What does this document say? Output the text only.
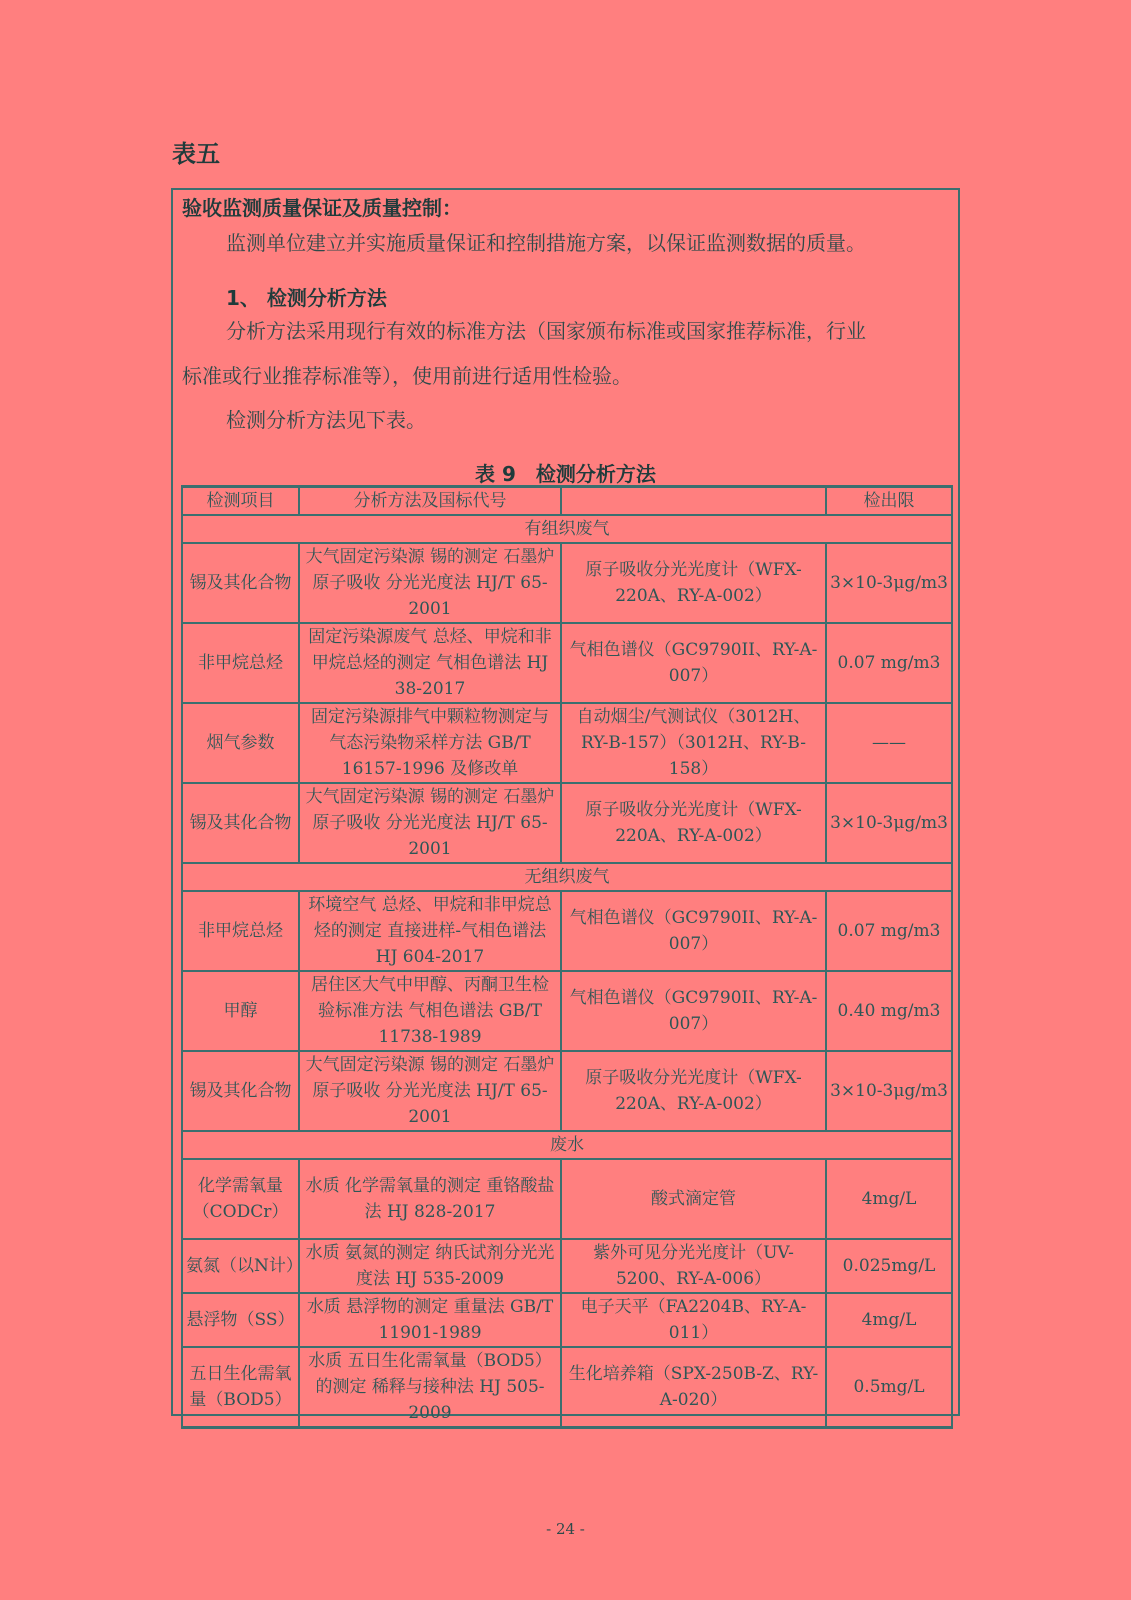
表五
验收监测质量保证及质量控制：
监测单位建立并实施质量保证和控制措施方案，以保证监测数据的质量。
1、 检测分析方法
分析方法采用现行有效的标准方法（国家颁布标准或国家推荐标准，行业
标准或行业推荐标准等），使用前进行适用性检验。
检测分析方法见下表。
表 9　检测分析方法
检测项目	分析方法及国标代号		检出限
有组织废气			
锡及其化合物	大气固定污染源 锡的测定 石墨炉原子吸收 分光光度法 HJ/T 65-2001	原子吸收分光光度计（WFX-220A、RY-A-002）	3×10-3μg/m3
非甲烷总烃	固定污染源废气 总烃、甲烷和非甲烷总烃的测定 气相色谱法 HJ 38-2017	气相色谱仪（GC9790II、RY-A-007）	0.07 mg/m3
烟气参数	固定污染源排气中颗粒物测定与气态污染物采样方法 GB/T 16157-1996 及修改单	自动烟尘/气测试仪（3012H、RY-B-157）（3012H、RY-B-158）	——
锡及其化合物	大气固定污染源 锡的测定 石墨炉原子吸收 分光光度法 HJ/T 65-2001	原子吸收分光光度计（WFX-220A、RY-A-002）	3×10-3μg/m3
无组织废气			
非甲烷总烃	环境空气 总烃、甲烷和非甲烷总烃的测定 直接进样-气相色谱法 HJ 604-2017	气相色谱仪（GC9790II、RY-A-007）	0.07 mg/m3
甲醇	居住区大气中甲醇、丙酮卫生检验标准方法 气相色谱法 GB/T 11738-1989	气相色谱仪（GC9790II、RY-A-007）	0.40 mg/m3
锡及其化合物	大气固定污染源 锡的测定 石墨炉原子吸收 分光光度法 HJ/T 65-2001	原子吸收分光光度计（WFX-220A、RY-A-002）	3×10-3μg/m3
废水			
化学需氧量（CODCr）	水质 化学需氧量的测定 重铬酸盐法 HJ 828-2017	酸式滴定管	4mg/L
氨氮（以N计）	水质 氨氮的测定 纳氏试剂分光光度法 HJ 535-2009	紫外可见分光光度计（UV-5200、RY-A-006）	0.025mg/L
悬浮物（SS）	水质 悬浮物的测定 重量法 GB/T 11901-1989	电子天平（FA2204B、RY-A-011）	4mg/L
五日生化需氧量（BOD5）	水质 五日生化需氧量（BOD5）的测定 稀释与接种法 HJ 505-2009	生化培养箱（SPX-250B-Z、RY-A-020）	0.5mg/L
- 24 -
